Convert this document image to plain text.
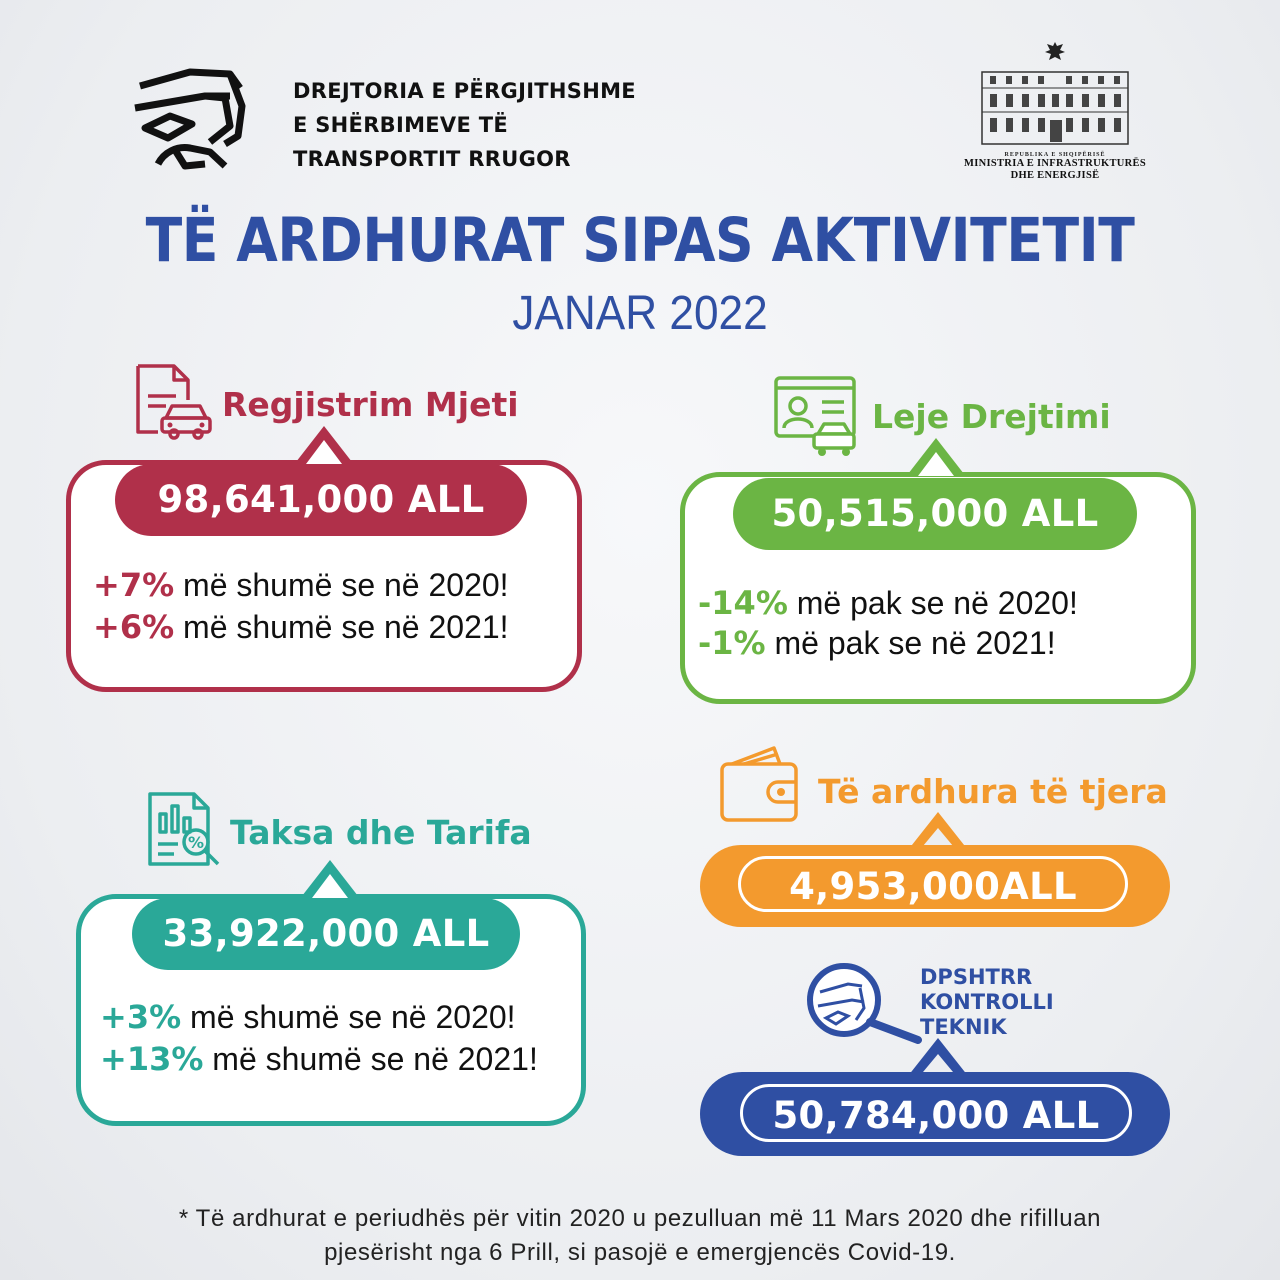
DREJTORIA E PËRGJITHSHME
E SHËRBIMEVE TË
TRANSPORTIT RRUGOR	REPUBLIKA E SHQIPËRISË
MINISTRIA E INFRASTRUKTURËS
DHE ENERGJISË
TË ARDHURAT SIPAS AKTIVITETIT
JANAR 2022
Regjistrim Mjeti
98,641,000 ALL
+7% më shumë se në 2020!
+6% më shumë se në 2021!
Leje Drejtimi
50,515,000 ALL
-14% më pak se në 2020!
-1% më pak se në 2021!
% Taksa dhe Tarifa
33,922,000 ALL
+3% më shumë se në 2020!
+13% më shumë se në 2021!
Të ardhura të tjera
4,953,000ALL
DPSHTRR
KONTROLLI
TEKNIK
50,784,000 ALL
* Të ardhurat e periudhës për vitin 2020 u pezulluan më 11 Mars 2020 dhe rifilluan
pjesërisht nga 6 Prill, si pasojë e emergjencës Covid-19.
